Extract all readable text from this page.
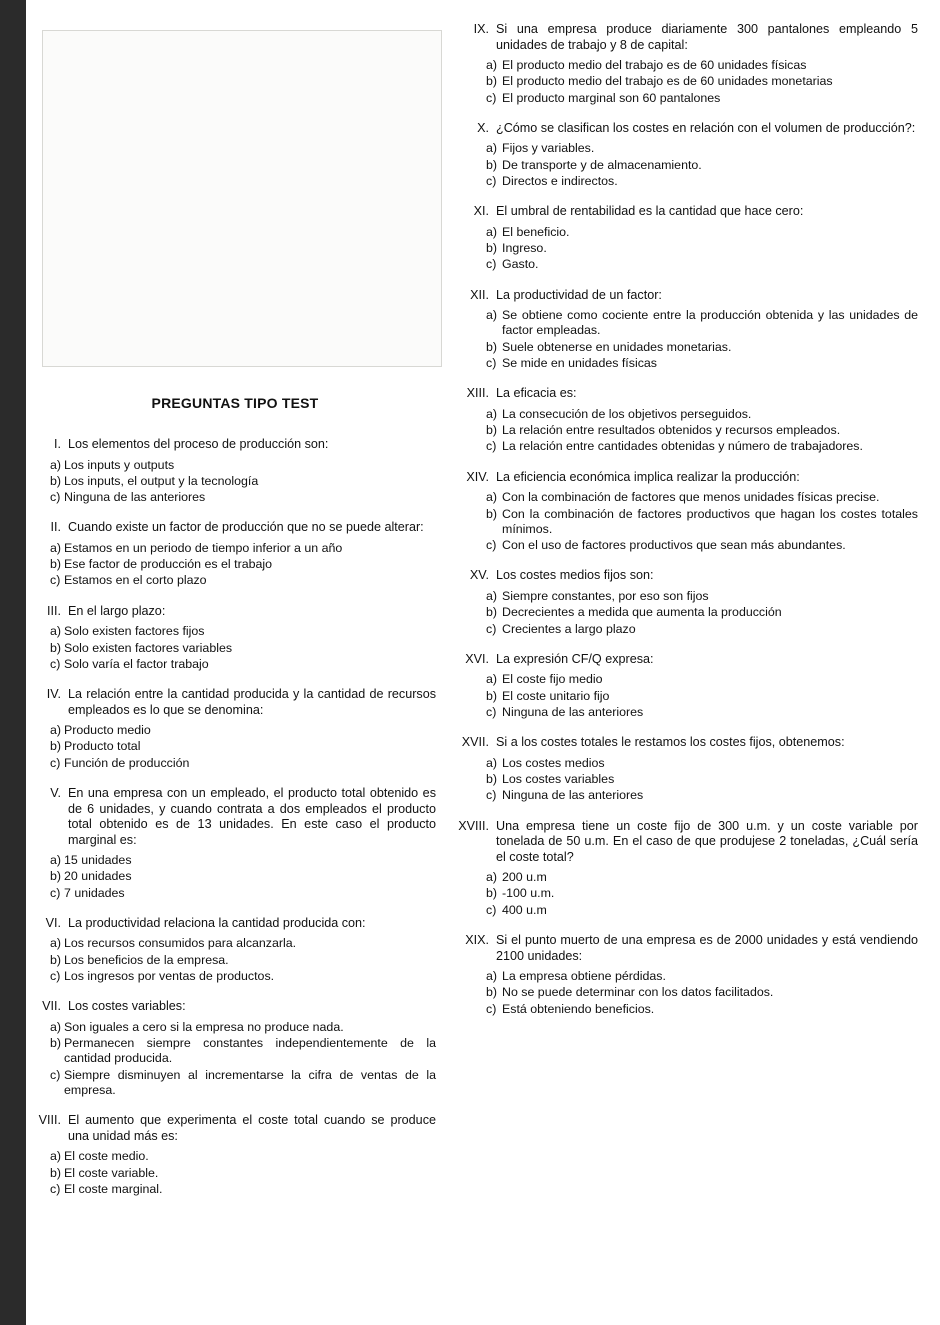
PREGUNTAS TIPO TEST
I. Los elementos del proceso de producción son:
a) Los inputs y outputs
b) Los inputs, el output y la tecnología
c) Ninguna de las anteriores
II. Cuando existe un factor de producción que no se puede alterar:
a) Estamos en un periodo de tiempo inferior a un año
b) Ese factor de producción es el trabajo
c) Estamos en el corto plazo
III. En el largo plazo:
a) Solo existen factores fijos
b) Solo existen factores variables
c) Solo varía el factor trabajo
IV. La relación entre la cantidad producida y la cantidad de recursos empleados es lo que se denomina:
a) Producto medio
b) Producto total
c) Función de producción
V. En una empresa con un empleado, el producto total obtenido es de 6 unidades, y cuando contrata a dos empleados el producto total obtenido es de 13 unidades. En este caso el producto marginal es:
a) 15 unidades
b) 20 unidades
c) 7 unidades
VI. La productividad relaciona la cantidad producida con:
a) Los recursos consumidos para alcanzarla.
b) Los beneficios de la empresa.
c) Los ingresos por ventas de productos.
VII. Los costes variables:
a) Son iguales a cero si la empresa no produce nada.
b) Permanecen siempre constantes independientemente de la cantidad producida.
c) Siempre disminuyen al incrementarse la cifra de ventas de la empresa.
VIII. El aumento que experimenta el coste total cuando se produce una unidad más es:
a) El coste medio.
b) El coste variable.
c) El coste marginal.
IX. Si una empresa produce diariamente 300 pantalones empleando 5 unidades de trabajo y 8 de capital:
a) El producto medio del trabajo es de 60 unidades físicas
b) El producto medio del trabajo es de 60 unidades monetarias
c) El producto marginal son 60 pantalones
X. ¿Cómo se clasifican los costes en relación con el volumen de producción?:
a) Fijos y variables.
b) De transporte y de almacenamiento.
c) Directos e indirectos.
XI. El umbral de rentabilidad es la cantidad que hace cero:
a) El beneficio.
b) Ingreso.
c) Gasto.
XII. La productividad de un factor:
a) Se obtiene como cociente entre la producción obtenida y las unidades de factor empleadas.
b) Suele obtenerse en unidades monetarias.
c) Se mide en unidades físicas
XIII. La eficacia es:
a) La consecución de los objetivos perseguidos.
b) La relación entre resultados obtenidos y recursos empleados.
c) La relación entre cantidades obtenidas y número de trabajadores.
XIV. La eficiencia económica implica realizar la producción:
a) Con la combinación de factores que menos unidades físicas precise.
b) Con la combinación de factores productivos que hagan los costes totales mínimos.
c) Con el uso de factores productivos que sean más abundantes.
XV. Los costes medios fijos son:
a) Siempre constantes, por eso son fijos
b) Decrecientes a medida que aumenta la producción
c) Crecientes a largo plazo
XVI. La expresión CF/Q expresa:
a) El coste fijo medio
b) El coste unitario fijo
c) Ninguna de las anteriores
XVII. Si a los costes totales le restamos los costes fijos, obtenemos:
a) Los costes medios
b) Los costes variables
c) Ninguna de las anteriores
XVIII. Una empresa tiene un coste fijo de 300 u.m. y un coste variable por tonelada de 50 u.m. En el caso de que produjese 2 toneladas, ¿Cuál sería el coste total?
a) 200 u.m
b) -100 u.m.
c) 400 u.m
XIX. Si el punto muerto de una empresa es de 2000 unidades y está vendiendo 2100 unidades:
a) La empresa obtiene pérdidas.
b) No se puede determinar con los datos facilitados.
c) Está obteniendo beneficios.
